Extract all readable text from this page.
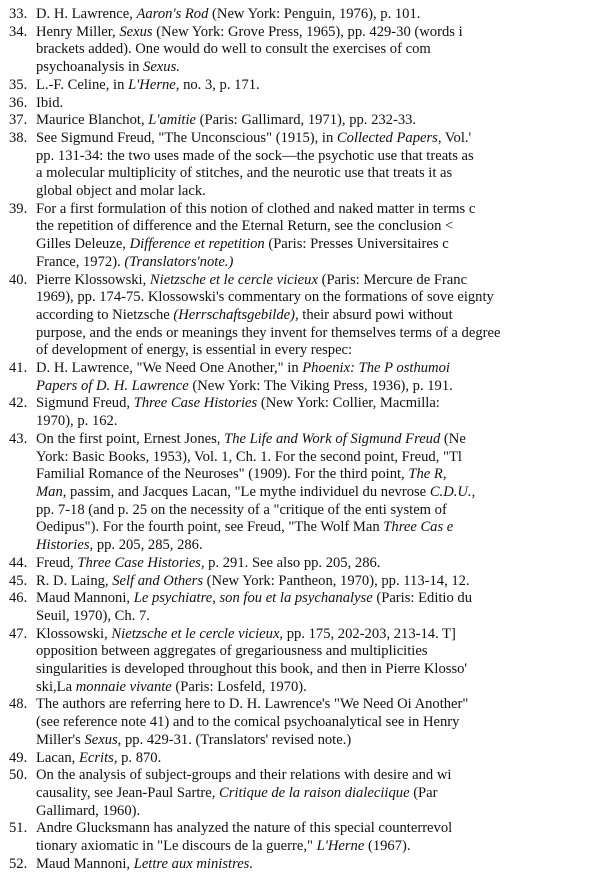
33. D. H. Lawrence, Aaron's Rod (New York: Penguin, 1976), p. 101.
34. Henry Miller, Sexus (New York: Grove Press, 1965), pp. 429-30 (words i
brackets added). One would do well to consult the exercises of com
psychoanalysis in Sexus.
35. L.-F. Celine, in L'Herne, no. 3, p. 171.
36. Ibid.
37. Maurice Blanchot, L'amitie (Paris: Gallimard, 1971), pp. 232-33.
38. See Sigmund Freud, "The Unconscious" (1915), in Collected Papers, Vol.'
pp. 131-34: the two uses made of the sock—the psychotic use that treats as
a molecular multiplicity of stitches, and the neurotic use that treats it as
global object and molar lack.
39. For a first formulation of this notion of clothed and naked matter in terms c
the repetition of difference and the Eternal Return, see the conclusion <
Gilles Deleuze, Difference et repetition (Paris: Presses Universitaires c
France, 1972). (Translators'note.)
40. Pierre Klossowski, Nietzsche et le cercle vicieux (Paris: Mercure de Franc
1969), pp. 174-75. Klossowski's commentary on the formations of sove eignty
according to Nietzsche (Herrschaftsgebilde), their absurd powi without
purpose, and the ends or meanings they invent for themselves terms of a degree
of development of energy, is essential in every respec:
41. D. H. Lawrence, "We Need One Another," in Phoenix: The P osthumoi
Papers of D. H. Lawrence (New York: The Viking Press, 1936), p. 191.
42. Sigmund Freud, Three Case Histories (New York: Collier, Macmilla:
1970), p. 162.
43. On the first point, Ernest Jones, The Life and Work of Sigmund Freud (Ne
York: Basic Books, 1953), Vol. 1, Ch. 1. For the second point, Freud, "Tl
Familial Romance of the Neuroses" (1909). For the third point, The R,
Man, passim, and Jacques Lacan, "Le mythe individuel du nevrose C.D.U.,
pp. 7-18 (and p. 25 on the necessity of a "critique of the enti system of
Oedipus"). For the fourth point, see Freud, "The Wolf Man Three Cas e
Histories, pp. 205, 285, 286.
44. Freud, Three Case Histories, p. 291. See also pp. 205, 286.
45. R. D. Laing, Self and Others (New York: Pantheon, 1970), pp. 113-14, 12.
46. Maud Mannoni, Le psychiatre, son fou et la psychanalyse (Paris: Editio du
Seuil, 1970), Ch. 7.
47. Klossowski, Nietzsche et le cercle vicieux, pp. 175, 202-203, 213-14. T]
opposition between aggregates of gregariousness and multiplicities
singularities is developed throughout this book, and then in Pierre Klosso'
ski,La monnaie vivante (Paris: Losfeld, 1970).
48. The authors are referring here to D. H. Lawrence's "We Need Oi Another"
(see reference note 41) and to the comical psychoanalytical see in Henry
Miller's Sexus, pp. 429-31. (Translators' revised note.)
49. Lacan, Ecrits, p. 870.
50. On the analysis of subject-groups and their relations with desire and wi
causality, see Jean-Paul Sartre, Critique de la raison dialeciique (Par
Gallimard, 1960).
51. Andre Glucksmann has analyzed the nature of this special counterrevol
tionary axiomatic in "Le discours de la guerre," L'Herne (1967).
52. Maud Mannoni, Lettre aux ministres.
